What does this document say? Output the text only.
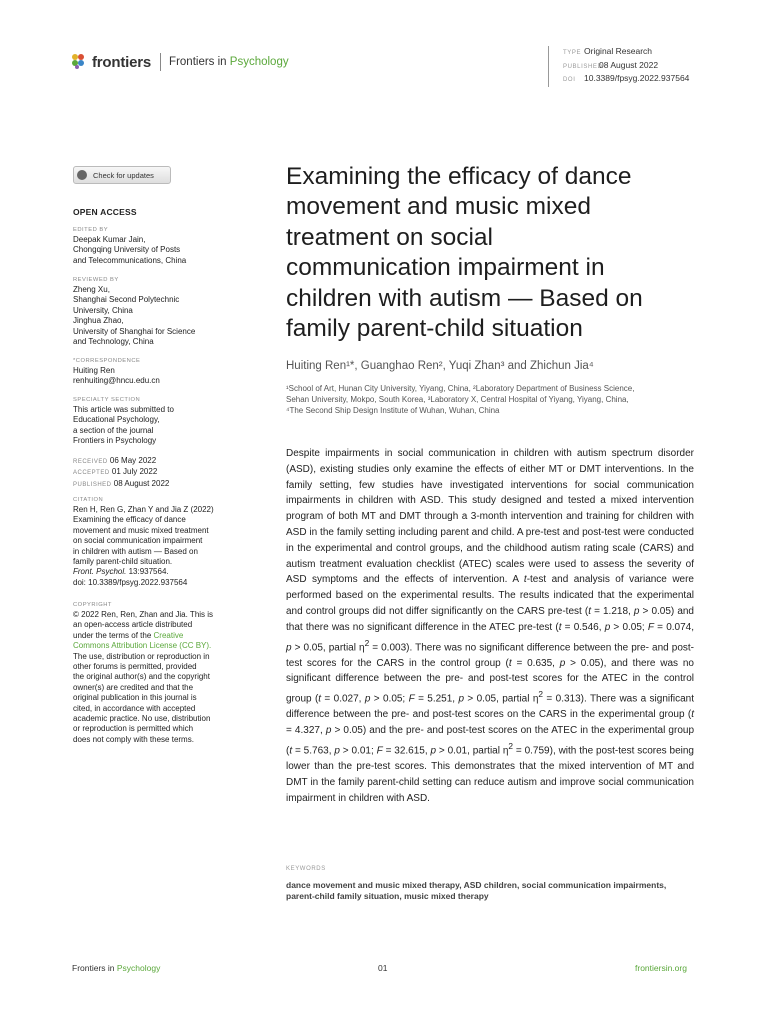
frontiers Frontiers in Psychology
TYPE Original Research
PUBLISHED08 August 2022
DOI 10.3389/fpsyg.2022.937564
Check for updates
OPEN ACCESS
EDITED BY
Deepak Kumar Jain,
Chongqing University of Posts
and Telecommunications, China
REVIEWED BY
Zheng Xu,
Shanghai Second Polytechnic
University, China
Jinghua Zhao,
University of Shanghai for Science
and Technology, China
*CORRESPONDENCE
Huiting Ren
renhuiting@hncu.edu.cn
SPECIALTY SECTION
This article was submitted to
Educational Psychology,
a section of the journal
Frontiers in Psychology
RECEIVED 06 May 2022
ACCEPTED 01 July 2022
PUBLISHED 08 August 2022
CITATION
Ren H, Ren G, Zhan Y and Jia Z (2022)
Examining the efficacy of dance
movement and music mixed treatment
on social communication impairment
in children with autism — Based on
family parent-child situation.
Front. Psychol. 13:937564.
doi: 10.3389/fpsyg.2022.937564
COPYRIGHT
© 2022 Ren, Ren, Zhan and Jia. This is
an open-access article distributed
under the terms of the Creative
Commons Attribution License (CC BY).
The use, distribution or reproduction in
other forums is permitted, provided
the original author(s) and the copyright
owner(s) are credited and that the
original publication in this journal is
cited, in accordance with accepted
academic practice. No use, distribution
or reproduction is permitted which
does not comply with these terms.
Examining the efficacy of dance
movement and music mixed
treatment on social
communication impairment in
children with autism — Based on
family parent-child situation
Huiting Ren¹*, Guanghao Ren², Yuqi Zhan³ and Zhichun Jia⁴
¹School of Art, Hunan City University, Yiyang, China, ²Laboratory Department of Business Science,
Sehan University, Mokpo, South Korea, ³Laboratory X, Central Hospital of Yiyang, Yiyang, China,
⁴The Second Ship Design Institute of Wuhan, Wuhan, China

Despite impairments in social communication in children with autism spectrum disorder (ASD), existing studies only examine the effects of either MT or DMT interventions. In the family setting, few studies have investigated interventions for social communication impairments in children with ASD. This study designed and tested a mixed intervention program of both MT and DMT through a 3-month intervention and training for children with ASD in the family setting including parent and child. A pre-test and post-test were conducted in the experimental and control groups, and the childhood autism rating scale (CARS) and autism treatment evaluation checklist (ATEC) scales were used to assess the severity of ASD symptoms and the effects of intervention. A t-test and analysis of variance were performed based on the experimental results. The results indicated that the experimental and control groups did not differ significantly on the CARS pre-test (t = 1.218, p > 0.05) and that there was no significant difference in the ATEC pre-test (t = 0.546, p > 0.05; F = 0.074, p > 0.05, partial $\eta^2 = 0.003$). There was no significant difference between the pre- and post-test scores for the CARS in the control group (t = 0.635, p > 0.05), and there was no significant difference between the pre- and post-test scores for the ATEC in the control group (t = 0.027, p > 0.05; F = 5.251, p > 0.05, partial $\eta^2 = 0.313$). There was a significant difference between the pre- and post-test scores on the CARS in the experimental group (t = 4.327, p > 0.05) and the pre- and post-test scores on the ATEC in the experimental group (t = 5.763, p > 0.01; F = 32.615, p > 0.01, partial $\eta^2 = 0.759$), with the post-test scores being lower than the pre-test scores. This demonstrates that the mixed intervention of MT and DMT in the family parent-child setting can reduce autism and improve social communication impairment in children with ASD.

KEYWORDS
dance movement and music mixed therapy, ASD children, social communication impairments, parent-child family situation, music mixed therapy
Frontiers in Psychology	01	frontiersin.org
